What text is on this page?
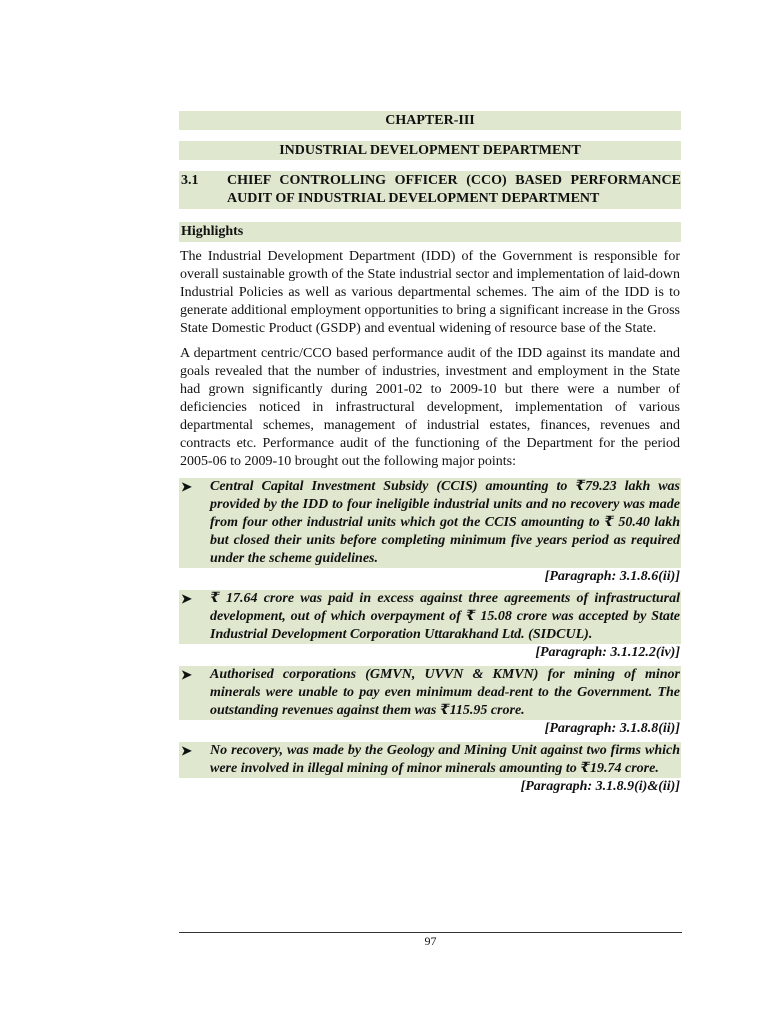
CHAPTER-III
INDUSTRIAL DEVELOPMENT DEPARTMENT
3.1	CHIEF CONTROLLING OFFICER (CCO) BASED PERFORMANCE AUDIT OF INDUSTRIAL DEVELOPMENT DEPARTMENT
Highlights

The Industrial Development Department (IDD) of the Government is responsible for overall sustainable growth of the State industrial sector and implementation of laid-down Industrial Policies as well as various departmental schemes. The aim of the IDD is to generate additional employment opportunities to bring a significant increase in the Gross State Domestic Product (GSDP) and eventual widening of resource base of the State.

A department centric/CCO based performance audit of the IDD against its mandate and goals revealed that the number of industries, investment and employment in the State had grown significantly during 2001-02 to 2009-10 but there were a number of deficiencies noticed in infrastructural development, implementation of various departmental schemes, management of industrial estates, finances, revenues and contracts etc. Performance audit of the functioning of the Department for the period 2005-06 to 2009-10 brought out the following major points:

➤	Central Capital Investment Subsidy (CCIS) amounting to ₹79.23 lakh was provided by the IDD to four ineligible industrial units and no recovery was made from four other industrial units which got the CCIS amounting to ₹ 50.40 lakh but closed their units before completing minimum five years period as required under the scheme guidelines.
[Paragraph: 3.1.8.6(ii)]
➤	₹ 17.64 crore was paid in excess against three agreements of infrastructural development, out of which overpayment of ₹ 15.08 crore was accepted by State Industrial Development Corporation Uttarakhand Ltd. (SIDCUL).
[Paragraph: 3.1.12.2(iv)]
➤	Authorised corporations (GMVN, UVVN & KMVN) for mining of minor minerals were unable to pay even minimum dead-rent to the Government. The outstanding revenues against them was ₹115.95 crore.
[Paragraph: 3.1.8.8(ii)]
➤	No recovery, was made by the Geology and Mining Unit against two firms which were involved in illegal mining of minor minerals amounting to ₹19.74 crore.
[Paragraph: 3.1.8.9(i)&(ii)]
97
